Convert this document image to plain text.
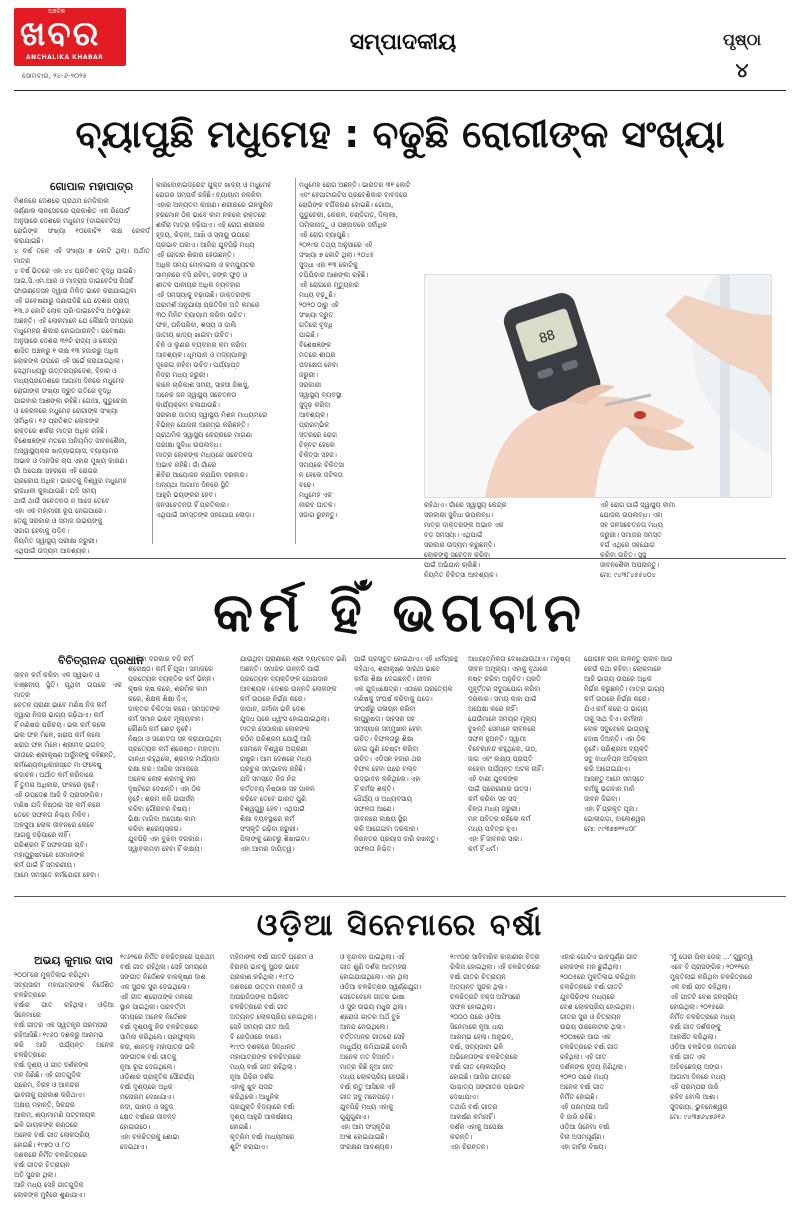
ଅଞ୍ଚଳିକ
ଖବର
ANCHALIKA KHABAR
ସୋମବାର, ୨୪-୬-୨୦୨୫
ସମ୍ପାଦକୀୟ	ପୃଷ୍ଠା
୪
ବ୍ୟାପୁଛି ମଧୁମେହ : ବଢୁଛି ରୋଗୀଙ୍କ ସଂଖ୍ୟା
ଗୋପାଳ ମହାପାତ୍ର
ମିଶନରେ ଦେଶରେ ପ୍ରଥମ ମେଡିକାଲ
ଜର୍ଣ୍ଣାଲ ଲାନସେଟରେ ପ୍ରକାଶିତ ଏକ ରିପୋର୍ଟ
ଅନୁସାରେ ଦେଶରେ ମଧୁମେହ (ଡାଇବେଟିସ)
ରୋଗିଙ୍କ ସଂଖ୍ୟା ୧୦କୋଟି୧ ଲକ୍ଷ ରେକର୍ଡ କରାଯାଇଛି।
୪ ବର୍ଷ ତଳେ ଏହି ସଂଖ୍ୟା ୭ କୋଟି ଥିଲା। ଅର୍ଥାତ ମାତ୍ର
୪ ବର୍ଷ ଭିତରେ ଏହା ୪୪ ପ୍ରତିଶତ ବୃଦ୍ଧି ପାଇଛି।
ଆଇ.ସି.ଏମ.ଆର ଓ ମାଦ୍ରାସ ଡାଇବେଟିସ ରିସର୍ଚ୍ଚ
ଫାଉଣ୍ଡେସନ ଦ୍ୱାରା ମିଳିତ ଭାବେ କରାଯାଇଥିବା
ଏହି ଗବେଷଣାରୁ ଜଣାପଡିଛି ଯେ ଦେଶର ପ୍ରାୟ
୧୩.୬ କୋଟି ଲୋକ ପ୍ରି-ଡାଇବେଟିସ ଅବସ୍ଥାରେ
ଅଛନ୍ତି। ଏହି ଲୋକମାନେ ଯେ କୌଣସି ସମୟରେ
ମଧୁମେହର ଶିକାର ହୋଇପାରନ୍ତି। ଗବେଷଣା
ଅନୁସାରେ ଦେଶର ୩୧ଟି ରାଜ୍ୟ ଓ କେନ୍ଦ୍ର
ଶାସିତ ଅଞ୍ଚଳରୁ ୧ ଲକ୍ଷ ୧୩ ହଜାରରୁ ଅଧିକ
ଲୋକଙ୍କ ଉପରେ ଏହି ସର୍ଭେ କରାଯାଇଥିଲା।
ସେଥିମଧ୍ୟରୁ ଉତ୍ତରପ୍ରଦେଶ, ବିହାର ଓ
ମଧ୍ୟପ୍ରଦେଶରେ ଆଗାମୀ ଦିନରେ ମଧୁମେହ
ରୋଗୀଙ୍କ ସଂଖ୍ୟା ଦ୍ରୁତ ଗତିରେ ବୃଦ୍ଧି
ପାଇବାର ଆଶଙ୍କା ରହିଛି। ଗୋଆ, ପୁଡୁଚେରୀ
ଓ କେରଳରେ ମଧୁମେହ ରୋଗୀଙ୍କ ସଂଖ୍ୟା
ସର୍ବାଧିକ। ୧୬ ପ୍ରତିଶତ ଲୋକଙ୍କ
ରକ୍ତରେ ଶର୍କରା ମାତ୍ରା ଅଧିକ ରହିଛି।
ବିଶେଷଜ୍ଞଙ୍କ ମତରେ ଅନିୟମିତ ଜୀବନଶୈଳୀ,
ଅସ୍ୱାସ୍ଥ୍ୟକର ଖାଦ୍ୟାଭ୍ୟାସ, ବ୍ୟାୟାମର
ଅଭାବ ଓ ମାନସିକ ଚାପ ଏହାର ମୁଖ୍ୟ କାରଣ।
ଗାଁ ଅପେକ୍ଷା ସହରରେ ଏହି ରୋଗର
ପ୍ରକୋପ ଅଧିକ। ଭାରତକୁ ବିଶ୍ୱର ମଧୁମେହ
ରାଜଧାନୀ କୁହାଯାଉଛି। ଯଦି ସମୟ
ଥାଉଁ ଥାଉଁ ସଚେତନତା ନ ଆସେ ତେବେ
ଏହା ଏକ ମହାମାରୀ ରୂପ ନେଇପାରେ।
ତେଣୁ ସରକାର ଓ ସମାଜ ଉଭୟଙ୍କୁ
ସଜାଗ ହେବାକୁ ପଡ଼ିବ।
ନିୟମିତ ସ୍ୱାସ୍ଥ୍ୟ ପରୀକ୍ଷା ଜରୁରୀ।
ଏଥିପାଇଁ ଉଦ୍ୟମ ଆବଶ୍ୟକ।
କାରବୋହାଇଡ୍ରେଟ ଯୁକ୍ତ ଖାଦ୍ୟ ଓ ମଧୁମେହ
ରୋଗର ସମ୍ପର୍କ ରହିଛି। ବ୍ୟାୟାମ ନକରିବା
ଏହାର ଅନ୍ୟତମ କାରଣ। ଶରୀରରେ ଇନସୁଲିନ
ହରମୋନ ଠିକ ଭାବେ କାମ ନକଲେ ରକ୍ତରେ
ଶର୍କରା ମାତ୍ରା ବଢ଼ିଯାଏ। ଏହି ରୋଗ ଶରୀରର
ହୃଦୟ, କିଡ଼ନୀ, ଆଖି ଓ ସ୍ନାୟୁ ଉପରେ
ପ୍ରଭାବ ପକାଏ। ଆଜିର ଯୁବପିଢ଼ି ମଧ୍ୟ
ଏହି ରୋଗର ଶିକାର ହେଉଛନ୍ତି।
ଅଧିକ ସମୟ ମୋବାଇଲ ଓ କମ୍ପ୍ୟୁଟର
ସାମ୍ନାରେ ବସି ରହିବା, ଜଙ୍କ ଫୁଡ଼ ଓ
ଶୀତଳ ପାନୀୟର ଅଧିକ ବ୍ୟବହାର
ଏହି ସମସ୍ୟାକୁ ବଢ଼ାଉଛି। ଡାକ୍ତରଙ୍କ
ପରାମର୍ଶ ଅନୁଯାୟୀ ପ୍ରତିଦିନ ଅତି କମରେ
୩୦ ମିନିଟ ବ୍ୟାୟାମ କରିବା ଉଚିତ।
ଫଳ, ପନିପରିବା, ଶସ୍ୟ ଓ ଡାଲି
ଜାତୀୟ ଖାଦ୍ୟ ଖାଇବା ଉଚିତ।
ଚିନି ଓ ଲୁଣର ବ୍ୟବହାର କମ କରିବା
ଆବଶ୍ୟକ। ଧୂମପାନ ଓ ମଦ୍ୟପାନରୁ
ଦୂରେଇ ରହିବା ଉଚିତ। ପର୍ଯ୍ୟାପ୍ତ
ନିଦ୍ରା ମଧ୍ୟ ଜରୁରୀ।
କାଳେ ଚାରିକାଶ ସମୟ, ସାହସୀ ଜିଜ୍ଞାସୁ,
ଅନେକ ଜନ ସ୍ୱାସ୍ଥ୍ୟ ସଚେତନତା
କାର୍ଯ୍ୟକ୍ରମ ଚଳାଯାଉଛି।
ସରକାର ଜାତୀୟ ସ୍ୱାସ୍ଥ୍ୟ ମିଶନ ମାଧ୍ୟମରେ
ବିଭିନ୍ନ ଯୋଜନା ଆରମ୍ଭ କରିଛନ୍ତି।
ପ୍ରାଥମିକ ସ୍ୱାସ୍ଥ୍ୟ କେନ୍ଦ୍ରରେ ମାଗଣା
ପରୀକ୍ଷା ସୁବିଧା ଉପଲବ୍ଧ।
ମାତ୍ର ଲୋକଙ୍କ ମଧ୍ୟରେ ସଚେତନତା
ଅଭାବ ରହିଛି। ଗାଁ ଗାଁରେ
ଶିବିର ଆୟୋଜନ କରାଯିବା ଦରକାର।
ଅନ୍ୟଥା ଆଗାମୀ ଦିନରେ ସ୍ଥିତି
ଆହୁରି ଭୟଙ୍କର ହେବ।
ଜନସଚେତନତା ହିଁ ପ୍ରତିକାର।
ଏଥିପାଇଁ ସମସ୍ତଙ୍କ ସହଯୋଗ ଲୋଡ଼ା।
ମଧୁମେହ ରୋଗ ଅଛନ୍ତି। ଭାରତର ୩୧ କୋଟି
ଏବଂ ହେପାଟାଇଟିସ ପ୍ରବେଶିକାର ବାବଦରେ
ରୋଗିଙ୍କ ବର୍ଗିକରଣ ହୋଇଛି। ଗୋଆ,
ପୁଡୁଚେରୀ, କେରଳ, ଚଣ୍ଡିଗଡ଼, ଦିଲ୍ଲୀ,
ତାମିଲନାଡ଼ୁ ଓ ପଞ୍ଜାବରେ ସର୍ବାଧିକ
ଏହି ରୋଗ ବ୍ୟାପୁଛି।
୨୦୧୯ର ତଥ୍ୟ ଅନୁସାରେ ଏହି
ସଂଖ୍ୟା ୭ କୋଟି ଥିଲା। ୨୦୪୫
ସୁଦ୍ଧା ଏହା ୧୩ କୋଟିକୁ
ଟପିଯିବାର ଆଶଙ୍କା ରହିଛି।
ଏହି ରୋଗରେ ମୃତ୍ୟୁହାର
ମଧ୍ୟ ବଢ଼ୁଛି।
୨୦୨୦ ଠାରୁ ଏହି
ସଂଖ୍ୟା ଦ୍ରୁତ
ଗତିରେ ବୃଦ୍ଧି
ପାଇଛି।
ବିଶେଷଜ୍ଞଙ୍କ
ମତରେ ଶୀଘ୍ର
ପଦକ୍ଷେପ ନେବା
ଜରୁରୀ।
ସରକାରୀ
ସ୍ୱାସ୍ଥ୍ୟ ବ୍ୟବସ୍ଥା
ସୁଦୃଢ଼ କରିବା
ଆବଶ୍ୟକ।
ପ୍ରାରମ୍ଭିକ
ସ୍ତରରେ ରୋଗ
ଚିହ୍ନଟ ହେଲେ
ଚିକିତ୍ସା ସହଜ।
ସମୟରେ ଚିକିତ୍ସା
ନ ହେଲେ ଜଟିଳତା
ବଢ଼େ।
ମଧୁମେହ ଏକ
ନୀରବ ଘାତକ।
ସଜାଗ ରୁହନ୍ତୁ।
ରହିଥାଏ। ଗାଁରେ ସ୍ୱାସ୍ଥ୍ୟ କେନ୍ଦ୍ର
ସରକାରୀ ସୁବିଧା ଉପଲବ୍ଧ।
ମାତ୍ର ଡାକ୍ତରଙ୍କ ଅଭାବ ଏକ
ବଡ଼ ସମସ୍ୟା। ଏଥିପାଇଁ
ସରକାର ଉଦ୍ୟମ କରୁଛନ୍ତି।
ଲୋକଙ୍କୁ ସଚେତନ କରିବା
ପାଇଁ ଅଭିଯାନ ଚାଲିଛି।
ନିୟମିତ ଚିକିତ୍ସା ଆବଶ୍ୟକ।
ଏହି ରୋଗ ପାଇଁ ସ୍ୱାସ୍ଥ୍ୟ ବୀମା
ଯୋଜନା ଉପଲବ୍ଧ। ଏହା
ସହ ଜନସଚେତନତା ମଧ୍ୟ
ଜରୁରୀ। ସମାଜର ସମସ୍ତ
ବର୍ଗ ଏଥିରେ ସହଯୋଗ
କରିବା ଉଚିତ। ସୁସ୍ଥ
ଜୀବନଶୈଳୀ ଅପନାନ୍ତୁ।
ମୋ: ୯୪୩୮୪୫୫୪୦୪
88
କର୍ମ ହିଁ ଭଗବାନ
ବିଚିତ୍ରାନନ୍ଦ ପ୍ରଧାନ
ଜୀବନ କର୍ମ କରିବା ଏକ ସ୍ୱଭାବ ଓ
ବାଞ୍ଛନୀୟ ସ୍ଥିତି। ପୃଥିବୀ ଉପରେ ଏକ ମାତ୍ର
ଚେତନ ପ୍ରାଣୀ ଭାବେ ମଣିଷ ନିଜ କର୍ମ
ଦ୍ୱାରା ନିଜର ଭାଗ୍ୟ ଗଢ଼ିଥାଏ। କର୍ମ
ହିଁ ମଣିଷର ପରିଚୟ। ଭଲ କର୍ମ କଲେ
ଭଲ ଫଳ ମିଳେ, ଖରାପ କର୍ମ କଲେ
ଖରାପ ଫଳ ମିଳେ। ଶ୍ରୀମଦ୍ ଭଗବଦ୍
ଗୀତାରେ ଶ୍ରୀକୃଷ୍ଣ ଅର୍ଜୁନଙ୍କୁ କହିଛନ୍ତି,
କର୍ମଣ୍ୟେବାଧିକାରସ୍ତେ ମା ଫଳେଷୁ
କଦାଚନ। ଅର୍ଥାତ କର୍ମ କରିବାରେ
ହିଁ ତୁମର ଅଧିକାର, ଫଳରେ ନୁହେଁ।
ଏହି ଉପଦେଶ ଆଜି ବି ପ୍ରାସଙ୍ଗିକ।
ମଣିଷ ଯଦି ନିଷ୍ଠାର ସହ କର୍ମ କରେ
ତେବେ ସଫଳତା ନିଶ୍ଚୟ ମିଳିବ।
ଅଳସୁଆ ଲୋକ ଜୀବନରେ କେବେ
ଆଗକୁ ବଢ଼ିପାରେ ନାହିଁ।
ପରିଶ୍ରମ ହିଁ ସଫଳତାର ଚାବି।
ମହାପୁରୁଷମାନେ ସେମାନଙ୍କ
କର୍ମ ପାଇଁ ହିଁ ସ୍ମରଣୀୟ।
ଆମେ ସମସ୍ତେ କର୍ମଯୋଗୀ ହେବା।
ଦେଖିବା ଦରକାର ବଡ଼ି କର୍ମ
ଶ୍ରେଷ୍ଠ। କର୍ମ ହିଁ ପୂଜା। ସମାଜରେ
ପ୍ରତ୍ୟେକ ବ୍ୟକ୍ତିର କର୍ମ ଭିନ୍ନ।
କୃଷକ ଚାଷ କରେ, ଶ୍ରମିକ କାମ
କରେ, ଶିକ୍ଷକ ଶିକ୍ଷା ଦିଏ,
ଡାକ୍ତର ଚିକିତ୍ସା କରେ। ସମସ୍ତଙ୍କ
କର୍ମ ସମାନ ଭାବେ ମୂଲ୍ୟବାନ।
କୌଣସି କର୍ମ ଛୋଟ ନୁହେଁ।
ନିଷ୍ଠା ଓ ସଚ୍ଚୋଟତା ସହ କରାଯାଉଥିବା
ପ୍ରତ୍ୟେକ କର୍ମ ଶ୍ରେଷ୍ଠ। ମହାତ୍ମା
ଗାନ୍ଧୀ କହୁଥିଲେ, ଶ୍ରମର ମର୍ଯ୍ୟାଦା
ରକ୍ଷା କର। ଆଜିର ସମାଜରେ
ଅନେକ ଲୋକ ଶ୍ରମକୁ ହୀନ
ଦୃଷ୍ଟିରେ ଦେଖନ୍ତି। ଏହା ଠିକ
ନୁହେଁ। ଶ୍ରମ କରି ଉପାର୍ଜନ
କରିବା ଗୌରବର ବିଷୟ।
ଭିକ୍ଷା ମାଗିବା ଅପେକ୍ଷା କାମ
କରିବା ଶ୍ରେୟସ୍କର।
ଯୁବପିଢ଼ି ଏହା ବୁଝିବା ଦରକାର।
ସ୍ୱାବଲମ୍ବୀ ହେବା ହିଁ ଲକ୍ଷ୍ୟ।
ଯାଉଥିବା ପ୍ରାଣୀରେ ଶ୍ରୀ ଦ୍ୟାବଦେବ ଭଣି
ଅଛନ୍ତି। ସମାଜର ଉନ୍ନତି ପାଇଁ
ପ୍ରତ୍ୟେକ ବ୍ୟକ୍ତିଙ୍କ ଯୋଗଦାନ
ଆବଶ୍ୟକ। ଦେଶର ଉନ୍ନତି ଲୋକଙ୍କ
କର୍ମ ଉପରେ ନିର୍ଭର କରେ।
ଜାପାନ, ଜର୍ମାନୀ ଭଳି ଦେଶ
ଯୁଦ୍ଧ ପରେ ଧ୍ୱଂସ ହୋଇଯାଇଥିଲା।
ମାତ୍ର ସେଠାକାର ଲୋକଙ୍କ
କଠିନ ପରିଶ୍ରମ ଯୋଗୁଁ ଆଜି
ସେମାନେ ବିଶ୍ୱର ଅଗ୍ରଣୀ
ରାଷ୍ଟ୍ର। ଆମ ଦେଶରେ ମଧ୍ୟ
ପ୍ରଚୁର ସମ୍ଭାବନା ରହିଛି।
ଯଦି ସମସ୍ତେ ନିଜ ନିଜ
କର୍ତ୍ତବ୍ୟ ନିଷ୍ଠାର ସହ ପାଳନ
କରିବେ ତେବେ ଭାରତ ପୁଣି
ବିଶ୍ୱଗୁରୁ ହେବ। ଏଥିପାଇଁ
ଶିକ୍ଷା ବ୍ୟବସ୍ଥାରେ କର୍ମ
ସଂସ୍କୃତି ଗଢ଼ିବା ଜରୁରୀ।
ପିଲାଙ୍କୁ ଛୋଟରୁ ଶିଖାଇବା।
ଏହା ଆମର ଦାୟିତ୍ୱ।
ପାଇଁ ପ୍ରସ୍ତୁତ ହୋଇଥାଏ। ଏହି ଧର୍ମଗ୍ରନ୍ଥ
କହିଥାଏ, ଶ୍ରୀକୃଷ୍ଣ ସାରଥୀ ଭାବେ
କର୍ମର ଶିକ୍ଷା ଦେଇଛନ୍ତି। ଜୀବନ
ଏକ ଯୁଦ୍ଧକ୍ଷେତ୍ର। ଏଠାରେ ପ୍ରତ୍ୟେକ
ମଣିଷକୁ ସଂଘର୍ଷ କରିବାକୁ ପଡ଼େ।
ସଂଘର୍ଷରୁ ପଳାୟନ କରିବା
କାପୁରୁଷତା। ସାହସର ସହ
ସମସ୍ୟାର ସମ୍ମୁଖୀନ ହେବା
ଉଚିତ। ବିଫଳତାରୁ ଶିକ୍ଷା
ନେଇ ପୁଣି ଚେଷ୍ଟା କରିବା
ଉଚିତ। ଏଡିସନ ହଜାର ଥର
ବିଫଳ ହେବା ପରେ ବଲ୍ବ
ଉଦ୍ଭାବନ କରିଥିଲେ। ଏହା
ହିଁ କର୍ମର ଶକ୍ତି।
ଧୈର୍ଯ୍ୟ ଓ ଅଧ୍ୟବସାୟ
ସଫଳତା ଆଣେ।
ଜୀବନରେ ଲକ୍ଷ୍ୟ ସ୍ଥିର
କରି ଆଗେଇବା ଦରକାର।
ନିରନ୍ତର ପ୍ରୟାସ ଜାରି ରଖନ୍ତୁ।
ସଫଳତା ନିଶ୍ଚିତ।
ଆଧ୍ୟାତ୍ମିକତା ଦେଖାଯାଉଥାଏ। ମନୁଷ୍ୟ
ଜୀବନ ଅମୂଲ୍ୟ। ଏହାକୁ ବୃଥାରେ
ନଷ୍ଟ କରିବା ଅନୁଚିତ। ପ୍ରତି
ମୁହୂର୍ତ୍ତର ସଦୁପଯୋଗ କରିବା
ଦରକାର। ସମୟ କାହା ପାଇଁ
ଅପେକ୍ଷା କରେ ନାହିଁ।
ଯେଉଁମାନେ ସମୟର ମୂଲ୍ୟ
ବୁଝନ୍ତି ସେମାନେ ଜୀବନରେ
ସଫଳ ହୁଅନ୍ତି। ସ୍ୱାମୀ
ବିବେକାନନ୍ଦ କହୁଥିଲେ, ଉଠ,
ଜାଗ ଏବଂ ଲକ୍ଷ୍ୟ ପ୍ରାପ୍ତି
ନହେବା ପର୍ଯ୍ୟନ୍ତ ଅଟକ ନାହିଁ।
ଏହି ବାଣୀ ଯୁବକଙ୍କ
ପାଇଁ ପ୍ରେରଣାର ଉତ୍ସ।
କର୍ମ କରିବା ସହ ସଦ୍
ଚିନ୍ତା ମଧ୍ୟ ଜରୁରୀ।
ମନ ପବିତ୍ର ରହିଲେ କର୍ମ
ମଧ୍ୟ ପବିତ୍ର ହୁଏ।
ଏହା ହିଁ ଜୀବନର ସାର।
କର୍ମ ହିଁ ଧର୍ମ।
ଯୋଗୀନ ରାଜା ଜାଳନ୍ତୁ ରାଜୀବ ଆଉ
କେଉଁ କଥା କହିବା। ଲୋକମାନେ
ଆଜି ଭାଗ୍ୟ ଉପରେ ଅଧିକ
ନିର୍ଭର କରୁଛନ୍ତି। ମାତ୍ର ଭାଗ୍ୟ
କର୍ମ ଉପରେ ନିର୍ଭର କରେ।
ଯିଏ କର୍ମ କରେ ତା ଭାଗ୍ୟ
ତାକୁ ସାଥ ଦିଏ। କର୍ମହୀନ
ଲୋକ ସବୁବେଳେ ଭାଗ୍ୟକୁ
ଦୋଷ ଦିଅନ୍ତି। ଏହା ଠିକ
ନୁହେଁ। ପରିଶ୍ରମୀ ବ୍ୟକ୍ତି
ସବୁ ବାଧାବିଘ୍ନ ଅତିକ୍ରମ
କରି ଆଗେଇଯାଏ।
ଆସନ୍ତୁ ଆମେ ସମସ୍ତେ
କର୍ମକୁ ଭଗବାନ ମାନି
ଜୀବନ ଜିଇବା।
ଏହା ହିଁ ପ୍ରକୃତ ପୂଜା।
ଭୋଲାଗଡ଼ା, ବାଲେଶ୍ୱର
ମୋ: ୯୯୩୭୭୨୨୪୦୮
ଓଡ଼ିଆ ସିନେମାରେ ବର୍ଷା
ଅଭୟ କୁମାର ଦାସ
୨୦୦୮ରେ ମୁକ୍ତିଲାଭ କରିଥିବା
ସବ୍ୟସାଚୀ ମହାପାତ୍ରଙ୍କ ନିର୍ଦ୍ଦେଶିତ ଚଳଚ୍ଚିତ୍ରରେ
ବର୍ଷାର ଗୀତ ରହିଥିଲା। ଓଡ଼ିଆ ସିନେମାରେ
ବର୍ଷା ଗୀତର ଏକ ସ୍ୱତନ୍ତ୍ର ପରମ୍ପରା
ରହିଆସିଛି। ୧୯୬୦ ଦଶକରୁ ଆରମ୍ଭ
କରି ଆଜି ପର୍ଯ୍ୟନ୍ତ ଅନେକ ଚଳଚ୍ଚିତ୍ରରେ
ବର୍ଷା ଦୃଶ୍ୟ ଓ ଗୀତ ଦର୍ଶକଙ୍କ
ମନ ଜିଣିଛି। ଏହି ଗୀତଗୁଡ଼ିକ
ପ୍ରେମ, ବିରହ ଓ ଆନନ୍ଦର
ଭାବନାକୁ ପ୍ରକାଶ କରିଥାଏ।
ଅକ୍ଷୟ ମହାନ୍ତି, ସିକନ୍ଦର
ଆଲମ, ଶ୍ୟାମାମଣି ପଟ୍ଟନାୟକ
ଭଳି ଗାୟକଙ୍କ କଣ୍ଠରେ
ଅନେକ ବର୍ଷା ଗୀତ ଲୋକପ୍ରିୟ
ହୋଇଛି। ୧୯୭୦ ଓ ୮୦
ଦଶକରେ ନିର୍ମିତ ଚଳଚ୍ଚିତ୍ରରେ
ବର୍ଷା ଗୀତର ଚିତ୍ରାୟନ
ଅତି ସୁନ୍ଦର ଥିଲା।
ଆଜି ମଧ୍ୟ ସେହି ଗୀତଗୁଡ଼ିକ
ଲୋକଙ୍କ ମୁହଁରେ ଶୁଣାଯାଏ।
୧୯୬୨ରେ ନିର୍ମିତ ଚଳଚ୍ଚିତ୍ରରେ ପ୍ରଥମ
ବର୍ଷା ଗୀତ ରହିଥିଲା। ସେହି ସମୟରେ
ସଙ୍ଗୀତ ନିର୍ଦ୍ଦେଶକ ବାଳକୃଷ୍ଣ ଦାଶ
ଏକ ସୁନ୍ଦର ସୁର ଦେଇଥିଲେ।
ଏହି ଗୀତ ଶ୍ରୋତାଙ୍କ ମନରେ
ସ୍ଥାନ ପାଇଥିଲା। ପରବର୍ତ୍ତୀ
ସମୟରେ ଅନେକ ନିର୍ଦ୍ଦେଶକ
ବର୍ଷା ଦୃଶ୍ୟକୁ ନିଜ ଚଳଚ୍ଚିତ୍ରରେ
ସାମିଲ କରିଥିଲେ। ପ୍ରଫୁଲ୍ଲ
କର, ଶାନ୍ତନୁ ମହାପାତ୍ର ଭଳି
ସଙ୍ଗୀତଜ୍ଞ ବର୍ଷା ଗୀତକୁ
ନୂଆ ରୂପ ଦେଇଥିଲେ।
ଓଡ଼ିଶାର ପ୍ରାକୃତିକ ସୌନ୍ଦର୍ଯ୍ୟ
ବର୍ଷା ଦୃଶ୍ୟରେ ଅଧିକ
ମନୋରମ ଦେଖାଯାଏ।
ନଦୀ, ପାହାଡ଼ ଓ ସବୁଜ
କ୍ଷେତ ବର୍ଷାରେ ଜୀବନ୍ତ
ହୋଇଉଠେ।
ଏହା ଚଳଚ୍ଚିତ୍ରକୁ ଶୋଭା
ଦେଇଥାଏ।
ମହିମାଙ୍କ ବର୍ଷା ଗୀତଟି ପ୍ରେମ ଓ
ବିରହର ଭାବକୁ ସୁନ୍ଦର ଭାବେ
ପ୍ରକାଶ କରିଥିଲା। ୧୯୮୦
ଦଶକରେ ଉତ୍ତମ ମହାନ୍ତି ଓ
ଅପରାଜିତାଙ୍କ ଅଭିନୀତ
ଚଳଚ୍ଚିତ୍ରରେ ବର୍ଷା ଗୀତ
ଅତ୍ୟନ୍ତ ଲୋକପ୍ରିୟ ହୋଇଥିଲା।
ସେହି ସମୟର ଗୀତ ଆଜି
ବି ରେଡ଼ିଓରେ ବାଜେ।
୧୯୯୦ ଦଶକରେ ସିଦ୍ଧାନ୍ତ
ମହାପାତ୍ରଙ୍କ ଚଳଚ୍ଚିତ୍ରରେ
ମଧ୍ୟ ବର୍ଷା ଗୀତ ରହିଥିଲା।
ନୂଆ ପିଢ଼ିର ଦର୍ଶକ
ଏହାକୁ ଖୁବ ପସନ୍ଦ
କରିଥିଲେ। ଆଧୁନିକ
ପ୍ରଯୁକ୍ତି ବିଦ୍ୟାରେ ବର୍ଷା
ଦୃଶ୍ୟ ଆହୁରି ଆକର୍ଷଣୀୟ
ହୋଇଛି।
କୃତ୍ରିମ ବର୍ଷା ମାଧ୍ୟମରେ
ଶୁଟିଂ କରାଯାଏ।
ଓ ବୃନ୍ଦାବନ ପାଇଥିଲା। ଏହି
ଗୀତ ଶୁଣି ଦର୍ଶକ ଆତ୍ମହରା
ହୋଇଯାଉଥିଲେ। ଏହା ଥିଲା
ଓଡ଼ିଆ ଚଳଚ୍ଚିତ୍ରର ସ୍ୱର୍ଣ୍ଣଯୁଗ।
ସେତେବେଳେ ଗୀତର ଭାଷା
ଓ ସୁର ଉଭୟ ମଧୁର ଥିଲା।
ଶ୍ରୋତା ଗୀତର ଅର୍ଥ ବୁଝି
ଆନନ୍ଦ ନେଉଥିଲେ।
ବର୍ତ୍ତମାନର ଗୀତରେ ସେହି
ମାଧୁର୍ଯ୍ୟ କମିଯାଇଛି ବୋଲି
ଅନେକ ମତ ଦିଅନ୍ତି।
ମାତ୍ର କିଛି ନୂଆ ଗୀତ
ମଧ୍ୟ ଲୋକପ୍ରିୟ ହେଉଛି।
ବର୍ଷା ଋତୁ ଆସିଲେ ଏହି
ଗୀତ ସବୁ ମନେପଡ଼େ।
ଯୁବପିଢ଼ି ମଧ୍ୟ ଏହାକୁ
ଗୁଣୁଗୁଣାଏ।
ଏହା ଆମ ସଂସ୍କୃତିର
ଅଂଶ ହୋଇଯାଇଛି।
ସଂରକ୍ଷଣ ଆବଶ୍ୟକ।
୧୯୯୦ର ସାଦିବାରିକ କାହାଣୀର ଚିତ୍ର
ରିଲିଜ ହୋଇଥିଲା। ଏହି ଚଳଚ୍ଚିତ୍ରରେ
ବର୍ଷା ଗୀତର ଚିତ୍ରାୟନ
ଅତ୍ୟନ୍ତ ସୁନ୍ଦର ଥିଲା।
ଚଳଚ୍ଚିତ୍ରଟି ବକ୍ସ ଅଫିସରେ
ସଫଳ ହୋଇଥିଲା।
୨୦୦୦ ପରେ ଓଡ଼ିଆ
ସିନେମାରେ ନୂଆ ଧାରା
ଆରମ୍ଭ ହେଲା। ଅନୁଭବ,
ବର୍ଷା, ସବ୍ୟସାଚୀ ଭଳି
ଅଭିନେତାଙ୍କ ଚଳଚ୍ଚିତ୍ରରେ
ବର୍ଷା ଗୀତ ଲୋକପ୍ରିୟ
ହୋଇଛି। ଆଜିର ଗୀତରେ
ପାଶ୍ଚାତ୍ୟ ସଙ୍ଗୀତର ପ୍ରଭାବ
ଦେଖାଯାଏ।
ତଥାପି ବର୍ଷା ଗୀତର
ଆକର୍ଷଣ କମିନାହିଁ।
ଦର୍ଶକ ଏହାକୁ ଅପେକ୍ଷା
କରନ୍ତି।
ଏହା ଚିରନ୍ତନ।
ଏହାର ଗୋଟିଏ ଭାବପୂର୍ଣ୍ଣ ଗୀତ
ଲୋକଙ୍କ ମନ ଛୁଇଁଥିଲା।
୨୦୦୫ରେ ମୁକ୍ତିଲାଭ କରିଥିବା
ଚଳଚ୍ଚିତ୍ରରେ ବର୍ଷା ଗୀତଟି
ଯୁବପିଢ଼ିଙ୍କ ମଧ୍ୟରେ
ବେଶ ଲୋକପ୍ରିୟ ହୋଇଥିଲା।
ଗୀତର ସୁର ଓ ଚିତ୍ରାୟନ
ଉଭୟ ଉଚ୍ଚକୋଟୀର ଥିଲା।
୨୦୦୭ରେ ଆଉ ଏକ
ଚଳଚ୍ଚିତ୍ରରେ ବର୍ଷା ଗୀତ
ରହିଥିଲା। ଏହି ଗୀତ
ଦର୍ଶକଙ୍କ ହୃଦୟ ଜିଣିଥିଲା।
୨୦୧୦ ପରେ ମଧ୍ୟ
ଅନେକ ବର୍ଷା ଗୀତ
ନିର୍ମିତ ହୋଇଛି।
ଏହି ପରମ୍ପରା ଆଜି
ବି ଜାରି ରହିଛି।
ଓଡ଼ିଆ ସିନେମା ବର୍ଷା
ବିନା ଅସମ୍ପୂର୍ଣ୍ଣ।
ଏହା ଗର୍ବର ବିଷୟ।
'ମୁଁ ତୋର ପିଲା ତୋର୍ ...' ଗୁରୁତ୍ୱ
ଏବେ ବି ପ୍ରାସଙ୍ଗିକ। ୨୦୧୧ରେ
ମୁକ୍ତିଲାଭ କରିଥିବା ଚଳଚ୍ଚିତ୍ରରେ
ଏକ ବର୍ଷା ଗୀତ ରହିଥିଲା।
ଏହି ଗୀତଟି ବେଶ ଜନପ୍ରିୟ
ହୋଇଥିଲା। ୨୦୧୫ରେ
ନିର୍ମିତ ଚଳଚ୍ଚିତ୍ରରେ ମଧ୍ୟ
ବର୍ଷା ଗୀତ ଦର୍ଶକଙ୍କୁ
ଆକର୍ଷିତ କରିଥିଲା।
ଓଡ଼ିଆ ଚଳଚ୍ଚିତ୍ର ଜଗତରେ
ବର୍ଷା ଗୀତ ଏକ
ଅବିଚ୍ଛେଦ୍ୟ ଅଙ୍ଗ।
ଆଗାମୀ ଦିନରେ ମଧ୍ୟ
ଏହି ପରମ୍ପରା ଜାରି
ରହିବ ବୋଲି ଆଶା।
ସୁଦରାୟା, ଭୁବନେଶ୍ୱର
ମୋ: ୯୪୩୭୬୪୭୬୧୬
